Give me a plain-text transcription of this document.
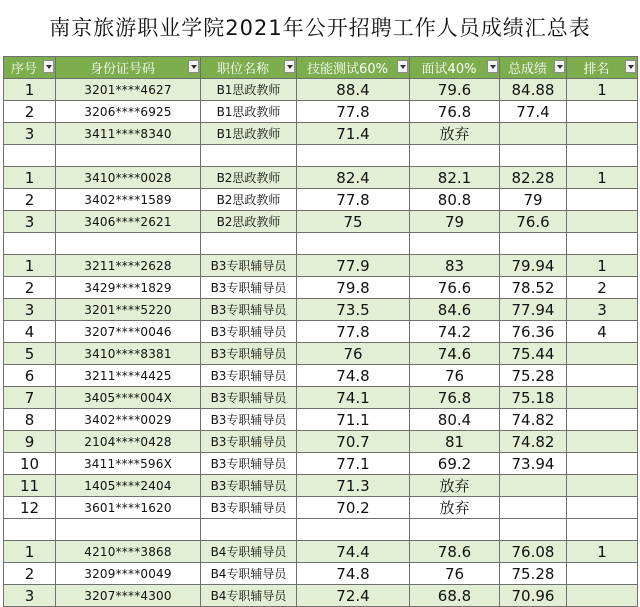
南京旅游职业学院2021年公开招聘工作人员成绩汇总表
序号	身份证号码	职位名称	技能测试60%	面试40%	总成绩	排名

1	3201****4627	B1思政教师	88.4	79.6	84.88	1
2	3206****6925	B1思政教师	77.8	76.8	77.4	
3	3411****8340	B1思政教师	71.4	放弃		

1	3410****0028	B2思政教师	82.4	82.1	82.28	1
2	3402****1589	B2思政教师	77.8	80.8	79	
3	3406****2621	B2思政教师	75	79	76.6	

1	3211****2628	B3专职辅导员	77.9	83	79.94	1
2	3429****1829	B3专职辅导员	79.8	76.6	78.52	2
3	3201****5220	B3专职辅导员	73.5	84.6	77.94	3
4	3207****0046	B3专职辅导员	77.8	74.2	76.36	4
5	3410****8381	B3专职辅导员	76	74.6	75.44	
6	3211****4425	B3专职辅导员	74.8	76	75.28	
7	3405****004X	B3专职辅导员	74.1	76.8	75.18	
8	3402****0029	B3专职辅导员	71.1	80.4	74.82	
9	2104****0428	B3专职辅导员	70.7	81	74.82	
10	3411****596X	B3专职辅导员	77.1	69.2	73.94	
11	1405****2404	B3专职辅导员	71.3	放弃		
12	3601****1620	B3专职辅导员	70.2	放弃		

1	4210****3868	B4专职辅导员	74.4	78.6	76.08	1
2	3209****0049	B4专职辅导员	74.8	76	75.28	
3	3207****4300	B4专职辅导员	72.4	68.8	70.96	
